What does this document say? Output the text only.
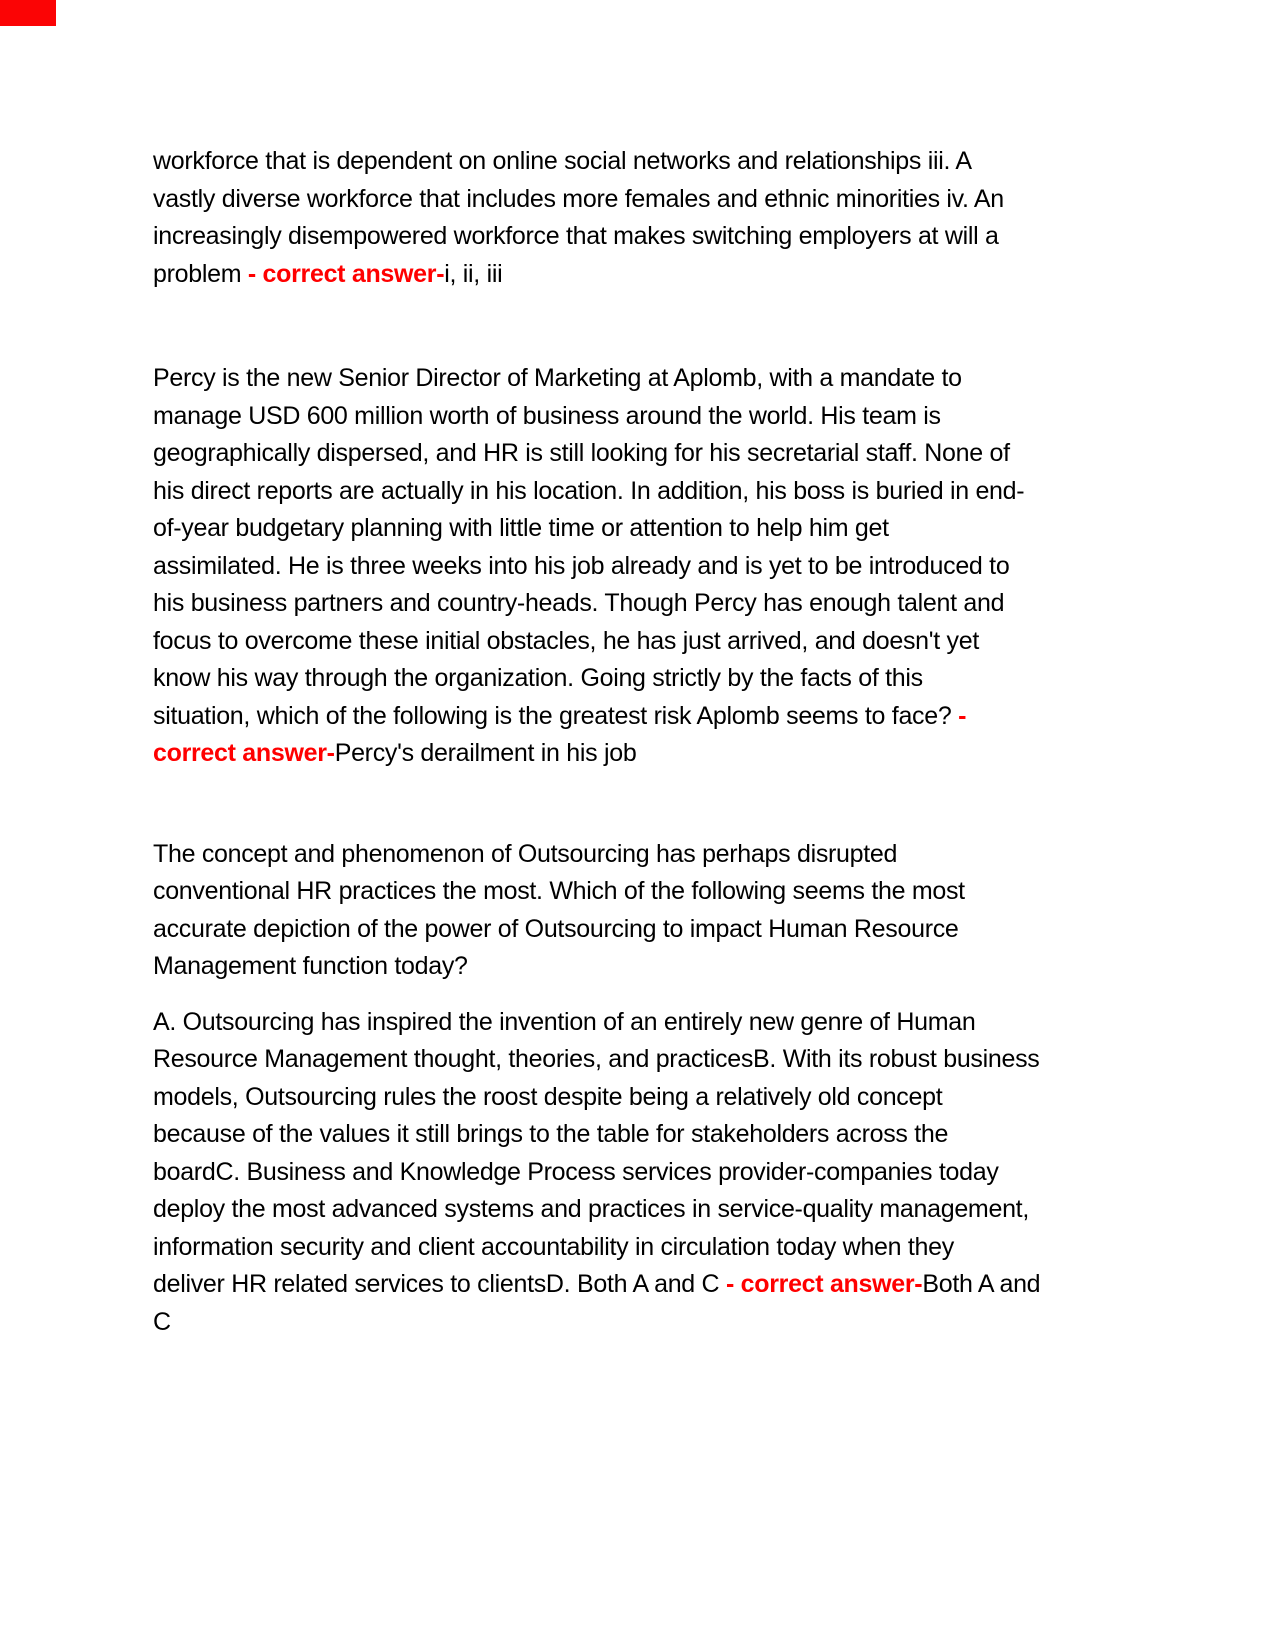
workforce that is dependent on online social networks and relationships iii. A
vastly diverse workforce that includes more females and ethnic minorities iv. An
increasingly disempowered workforce that makes switching employers at will a
problem - correct answer-i, ii, iii
Percy is the new Senior Director of Marketing at Aplomb, with a mandate to
manage USD 600 million worth of business around the world. His team is
geographically dispersed, and HR is still looking for his secretarial staff. None of
his direct reports are actually in his location. In addition, his boss is buried in end-
of-year budgetary planning with little time or attention to help him get
assimilated. He is three weeks into his job already and is yet to be introduced to
his business partners and country-heads. Though Percy has enough talent and
focus to overcome these initial obstacles, he has just arrived, and doesn't yet
know his way through the organization. Going strictly by the facts of this
situation, which of the following is the greatest risk Aplomb seems to face? -
correct answer-Percy's derailment in his job
The concept and phenomenon of Outsourcing has perhaps disrupted
conventional HR practices the most. Which of the following seems the most
accurate depiction of the power of Outsourcing to impact Human Resource
Management function today?
A. Outsourcing has inspired the invention of an entirely new genre of Human
Resource Management thought, theories, and practicesB. With its robust business
models, Outsourcing rules the roost despite being a relatively old concept
because of the values it still brings to the table for stakeholders across the
boardC. Business and Knowledge Process services provider-companies today
deploy the most advanced systems and practices in service-quality management,
information security and client accountability in circulation today when they
deliver HR related services to clientsD. Both A and C - correct answer-Both A and
C
